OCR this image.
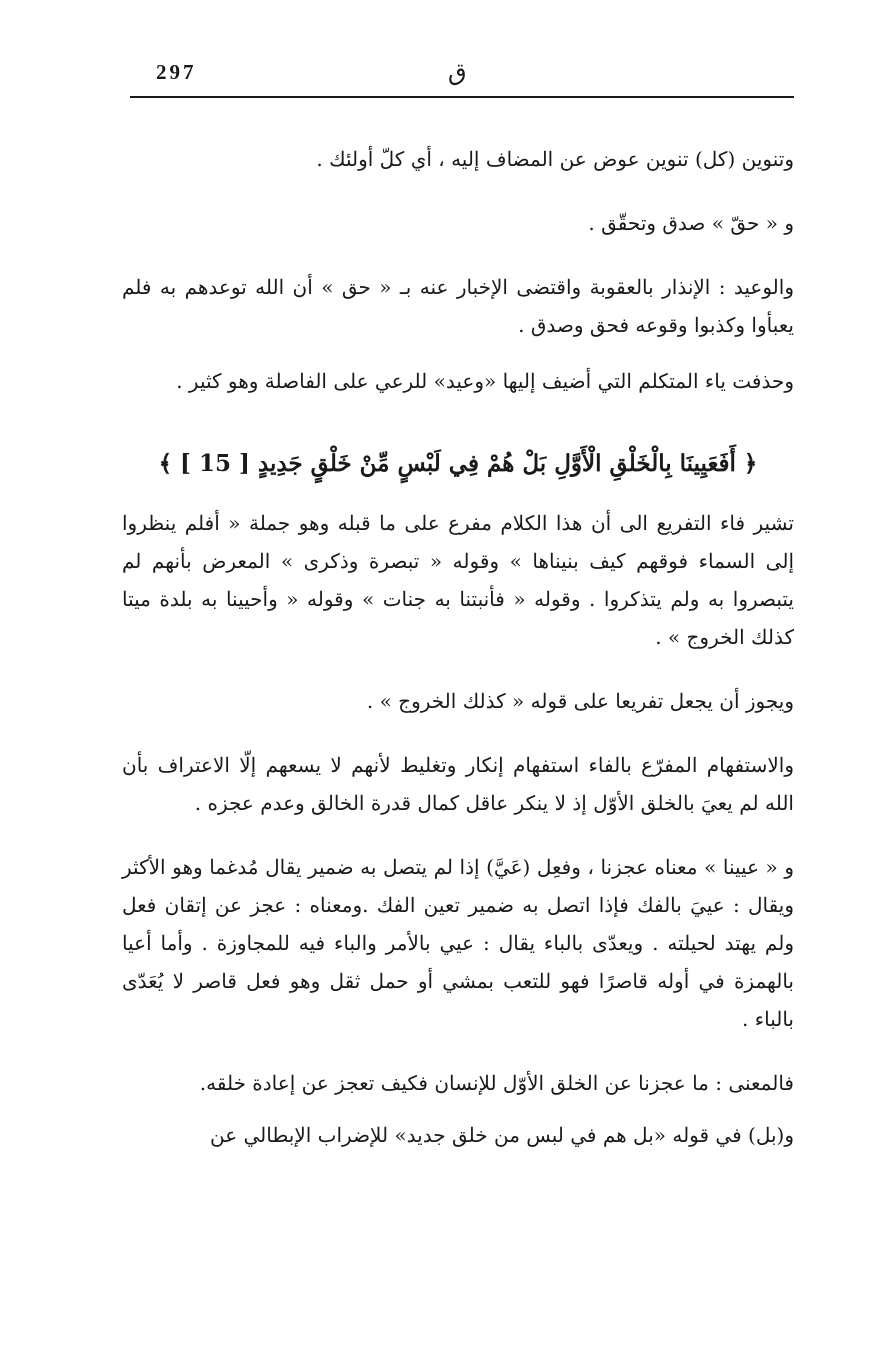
297	ق

وتنوين (كل) تنوين عوض عن المضاف إليه ، أي كلّ أولئك .

و « حقّ » صدق وتحقّق .

والوعيد : الإنذار بالعقوبة واقتضى الإخبار عنه بـ « حق » أن الله توعدهم به فلم يعبأوا وكذبوا وقوعه فحق وصدق .

وحذفت ياء المتكلم التي أضيف إليها «وعيد» للرعي على الفاصلة وهو كثير .

﴿ أَفَعَيِينَا بِالْخَلْقِ الْأَوَّلِ بَلْ هُمْ فِي لَبْسٍ مِّنْ خَلْقٍ جَدِيدٍ [ 15 ] ﴾

تشير فاء التفريع الى أن هذا الكلام مفرع على ما قبله وهو جملة « أفلم ينظروا إلى السماء فوقهم كيف بنيناها » وقوله « تبصرة وذكرى » المعرض بأنهم لم يتبصروا به ولم يتذكروا . وقوله « فأنبتنا به جنات » وقوله « وأحيينا به بلدة ميتا كذلك الخروج » .

ويجوز أن يجعل تفريعا على قوله « كذلك الخروج » .

والاستفهام المفرّع بالفاء استفهام إنكار وتغليط لأنهم لا يسعهم إلّا الاعتراف بأن الله لم يعيَ بالخلق الأوّل إذ لا ينكر عاقل كمال قدرة الخالق وعدم عجزه .

و « عيينا » معناه عجزنا ، وفعِل (عَيَّ) إذا لم يتصل به ضمير يقال مُدغما وهو الأكثر ويقال : عييَ بالفك فإذا اتصل به ضمير تعين الفك .ومعناه : عجز عن إتقان فعل ولم يهتد لحيلته . ويعدّى بالباء يقال : عيي بالأمر والباء فيه للمجاوزة . وأما أعيا بالهمزة في أوله قاصرًا فهو للتعب بمشي أو حمل ثقل وهو فعل قاصر لا يُعَدّى بالباء .

فالمعنى : ما عجزنا عن الخلق الأوّل للإنسان فكيف تعجز عن إعادة خلقه.

و(بل) في قوله «بل هم في لبس من خلق جديد» للإضراب الإبطالي عن
